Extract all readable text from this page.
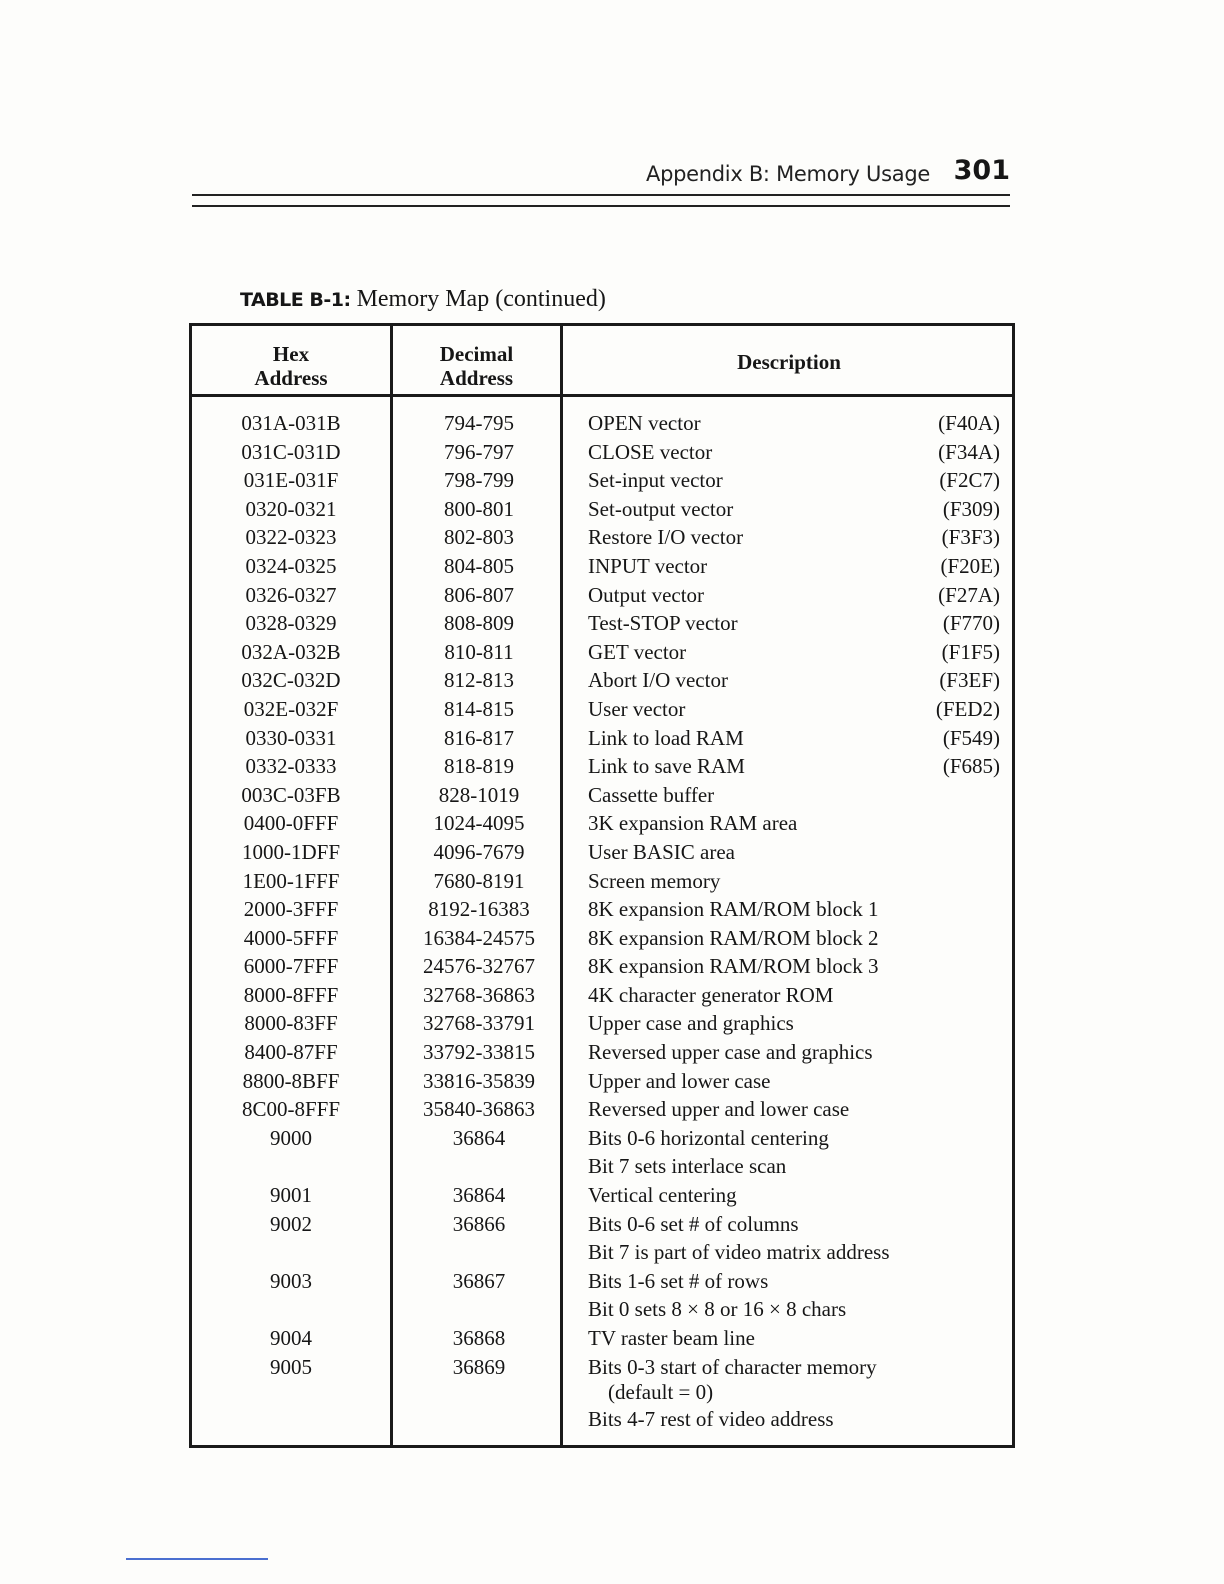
Appendix B: Memory Usage 301
TABLE B-1: Memory Map (continued)
Hex
Address
Decimal
Address
Description
031A-031B	794-795	OPEN vector	(F40A)
031C-031D	796-797	CLOSE vector	(F34A)
031E-031F	798-799	Set-input vector	(F2C7)
0320-0321	800-801	Set-output vector	(F309)
0322-0323	802-803	Restore I/O vector	(F3F3)
0324-0325	804-805	INPUT vector	(F20E)
0326-0327	806-807	Output vector	(F27A)
0328-0329	808-809	Test-STOP vector	(F770)
032A-032B	810-811	GET vector	(F1F5)
032C-032D	812-813	Abort I/O vector	(F3EF)
032E-032F	814-815	User vector	(FED2)
0330-0331	816-817	Link to load RAM	(F549)
0332-0333	818-819	Link to save RAM	(F685)
003C-03FB	828-1019	Cassette buffer
0400-0FFF	1024-4095	3K expansion RAM area
1000-1DFF	4096-7679	User BASIC area
1E00-1FFF	7680-8191	Screen memory
2000-3FFF	8192-16383	8K expansion RAM/ROM block 1
4000-5FFF	16384-24575	8K expansion RAM/ROM block 2
6000-7FFF	24576-32767	8K expansion RAM/ROM block 3
8000-8FFF	32768-36863	4K character generator ROM
8000-83FF	32768-33791	Upper case and graphics
8400-87FF	33792-33815	Reversed upper case and graphics
8800-8BFF	33816-35839	Upper and lower case
8C00-8FFF	35840-36863	Reversed upper and lower case
9000	36864	Bits 0-6 horizontal centering
Bit 7 sets interlace scan
9001	36864	Vertical centering
9002	36866	Bits 0-6 set # of columns
Bit 7 is part of video matrix address
9003	36867	Bits 1-6 set # of rows
Bit 0 sets 8 × 8 or 16 × 8 chars
9004	36868	TV raster beam line
9005	36869	Bits 0-3 start of character memory
(default = 0)
Bits 4-7 rest of video address
